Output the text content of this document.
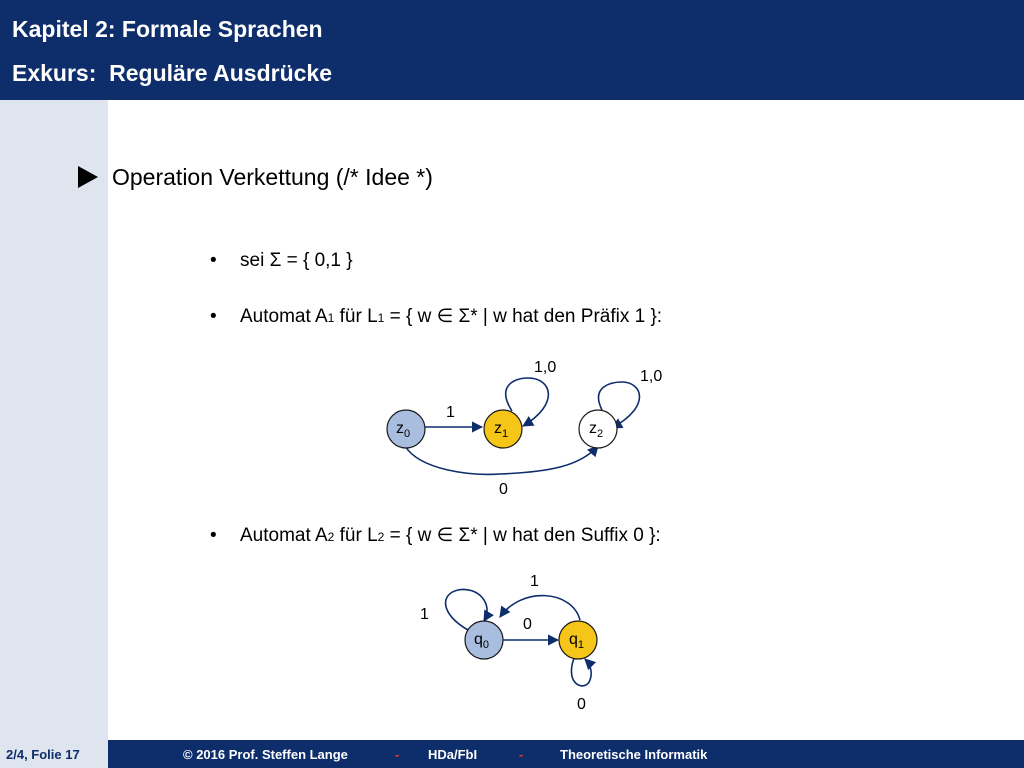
Kapitel 2: Formale Sprachen
Exkurs:  Reguläre Ausdrücke
Operation Verkettung (/* Idee *)
•	sei Σ = { 0,1 }
•	Automat A 1 für L 1 = { w ∈ Σ* | w hat den Präfix 1 }:
•	Automat A 2 für L 2 = { w ∈ Σ* | w hat den Suffix 0 }:
$z_0$	$z_1$	$z_2$
1
1,0
1,0
0
$q_0$	$q_1$
1
1
0
0
2/4, Folie 17	© 2016 Prof. Steffen Lange	- HDa/FbI	-	Theoretische Informatik
